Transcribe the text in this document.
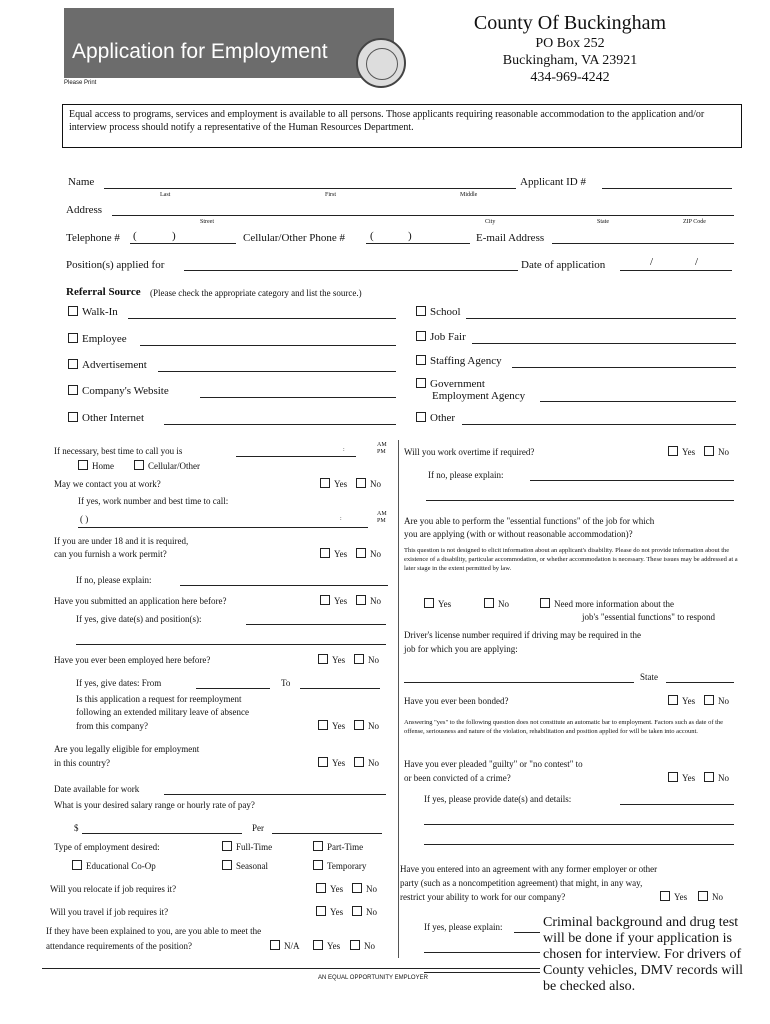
Application for Employment
Please Print
County Of Buckingham
PO Box 252
Buckingham, VA 23921
434-969-4242
Equal access to programs, services and employment is available to all persons. Those applicants requiring reasonable accommodation to the application and/or interview process should notify a representative of the Human Resources Department.
Name
Last	First	Middle
Applicant ID #
Address
Street	City	State	ZIP Code
Telephone # (	)	Cellular/Other Phone # (	)	E-mail Address
Position(s) applied for	Date of application	/	/
Referral Source (Please check the appropriate category and list the source.)
Walk-In
Employee
Advertisement
Company's Website
Other Internet
School
Job Fair
Staffing Agency
Government
Employment Agency
Other
If necessary, best time to call you is	:
AM
PM
Home	Cellular/Other
May we contact you at work?	Yes	No
If yes, work number and best time to call:
( )	:
AM
PM
If you are under 18 and it is required,
can you furnish a work permit?	Yes	No
If no, please explain:
Have you submitted an application here before?	Yes	No
If yes, give date(s) and position(s):
Have you ever been employed here before?	Yes	No
If yes, give dates: From	To
Is this application a request for reemployment
following an extended military leave of absence
from this company?	Yes	No
Are you legally eligible for employment
in this country?	Yes	No
Date available for work
What is your desired salary range or hourly rate of pay?
$	Per
Type of employment desired:	Full-Time	Part-Time
Educational Co-Op	Seasonal	Temporary
Will you relocate if job requires it?	Yes	No
Will you travel if job requires it?	Yes	No
If they have been explained to you, are you able to meet the
attendance requirements of the position?	N/A	Yes	No
Will you work overtime if required?	Yes	No
If no, please explain:
Are you able to perform the "essential functions" of the job for which
you are applying (with or without reasonable accommodation)?
This question is not designed to elicit information about an applicant's disability. Please do not provide information about the existence of a disability, particular accommodation, or whether accommodation is necessary. These issues may be addressed at a later stage in the extent permitted by law.
Yes	No	Need more information about the
job's "essential functions" to respond
Driver's license number required if driving may be required in the
job for which you are applying:
State
Have you ever been bonded?	Yes	No
Answering "yes" to the following question does not constitute an automatic bar to employment. Factors such as date of the offense, seriousness and nature of the violation, rehabilitation and position applied for will be taken into account.
Have you ever pleaded "guilty" or "no contest" to
or been convicted of a crime?	Yes	No
If yes, please provide date(s) and details:
Have you entered into an agreement with any former employer or other
party (such as a noncompetition agreement) that might, in any way,
restrict your ability to work for our company?	Yes	No
If yes, please explain:
AN EQUAL OPPORTUNITY EMPLOYER
Criminal background and drug test will be done if your application is chosen for interview. For drivers of County vehicles, DMV records will be checked also.
